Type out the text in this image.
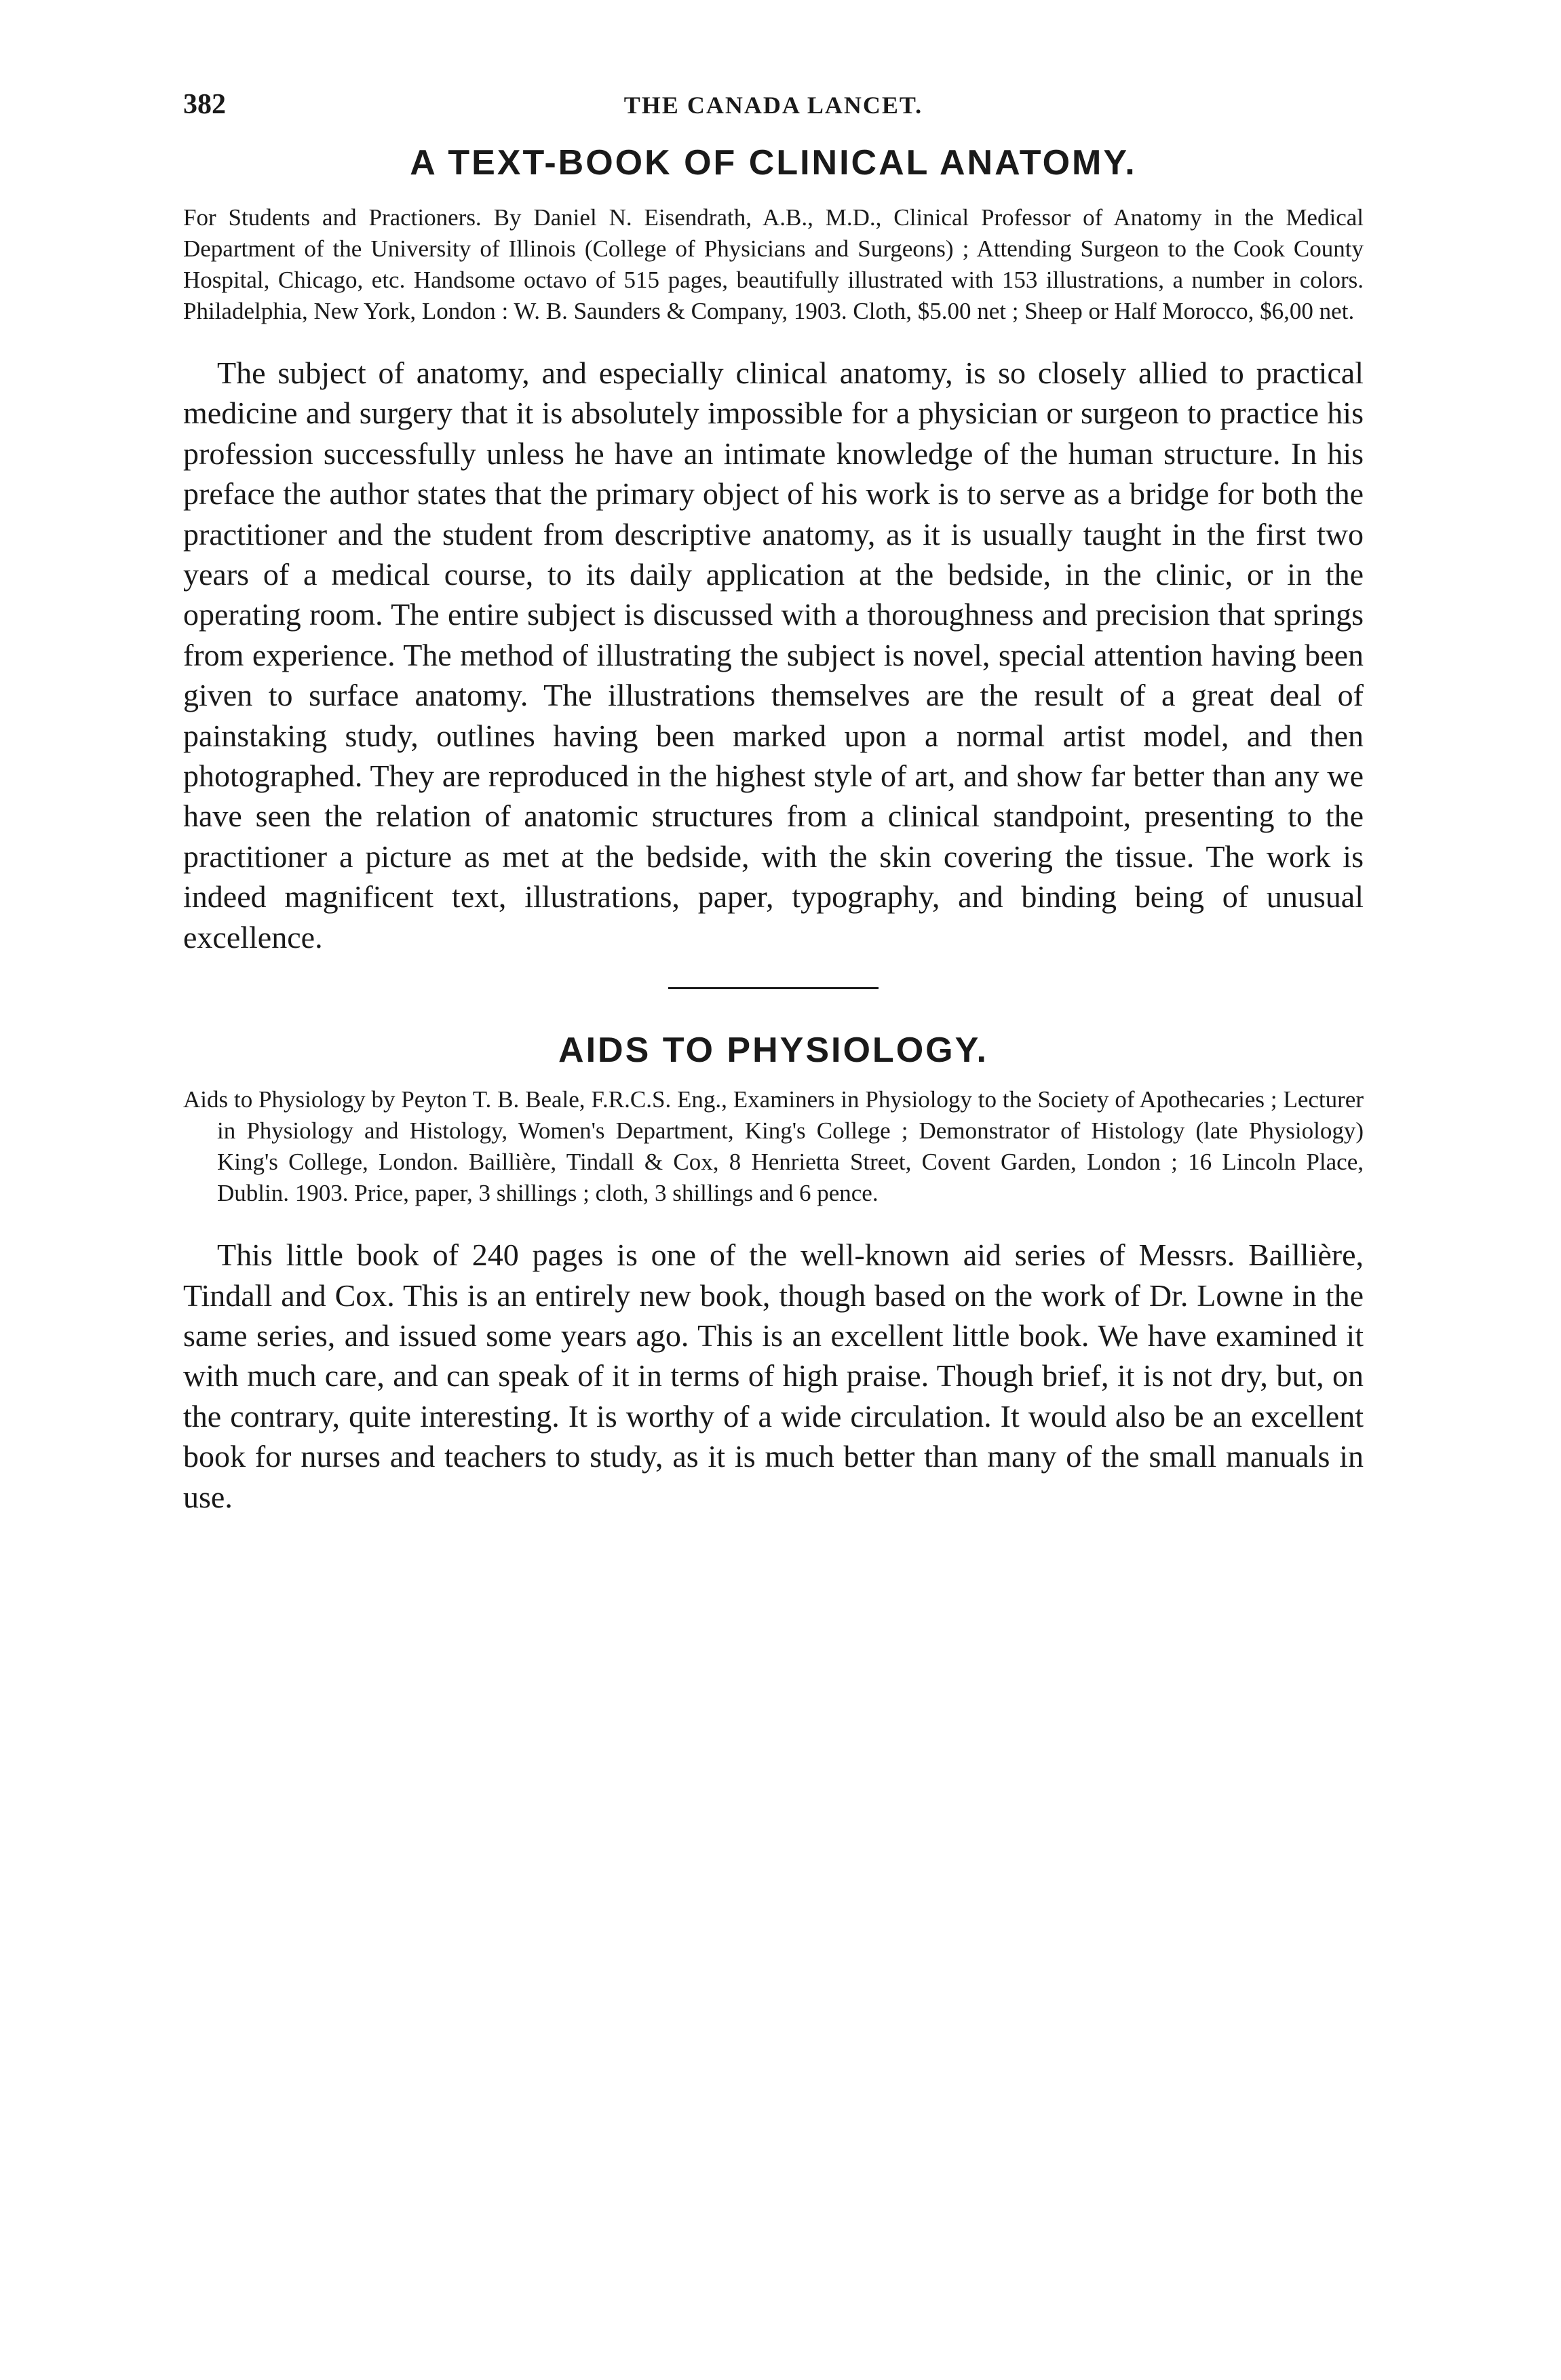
382	THE CANADA LANCET.
A TEXT-BOOK OF CLINICAL ANATOMY.

For Students and Practioners. By Daniel N. Eisendrath, A.B., M.D., Clinical Professor of Anatomy in the Medical Department of the University of Illinois (College of Physicians and Surgeons) ; Attending Surgeon to the Cook County Hospital, Chicago, etc. Handsome octavo of 515 pages, beautifully illustrated with 153 illustrations, a number in colors. Philadelphia, New York, London : W. B. Saunders & Company, 1903. Cloth, $5.00 net ; Sheep or Half Morocco, $6,00 net.

The subject of anatomy, and especially clinical anatomy, is so closely allied to practical medicine and surgery that it is absolutely impossible for a physician or surgeon to practice his profession successfully unless he have an intimate knowledge of the human structure. In his preface the author states that the primary object of his work is to serve as a bridge for both the practitioner and the student from descriptive anatomy, as it is usually taught in the first two years of a medical course, to its daily application at the bedside, in the clinic, or in the operating room. The entire subject is discussed with a thoroughness and precision that springs from experience. The method of illustrating the subject is novel, special attention having been given to surface anatomy. The illustrations themselves are the result of a great deal of painstaking study, outlines having been marked upon a normal artist model, and then photographed. They are reproduced in the highest style of art, and show far better than any we have seen the relation of anatomic structures from a clinical standpoint, presenting to the practitioner a picture as met at the bedside, with the skin covering the tissue. The work is indeed magnificent text, illustrations, paper, typography, and binding being of unusual excellence.

AIDS TO PHYSIOLOGY.

Aids to Physiology by Peyton T. B. Beale, F.R.C.S. Eng., Examiners in Physiology to the Society of Apothecaries ; Lecturer in Physiology and Histology, Women's Department, King's College ; Demonstrator of Histology (late Physiology) King's College, London. Baillière, Tindall & Cox, 8 Henrietta Street, Covent Garden, London ; 16 Lincoln Place, Dublin. 1903. Price, paper, 3 shillings ; cloth, 3 shillings and 6 pence.

This little book of 240 pages is one of the well-known aid series of Messrs. Baillière, Tindall and Cox. This is an entirely new book, though based on the work of Dr. Lowne in the same series, and issued some years ago. This is an excellent little book. We have examined it with much care, and can speak of it in terms of high praise. Though brief, it is not dry, but, on the contrary, quite interesting. It is worthy of a wide circulation. It would also be an excellent book for nurses and teachers to study, as it is much better than many of the small manuals in use.
